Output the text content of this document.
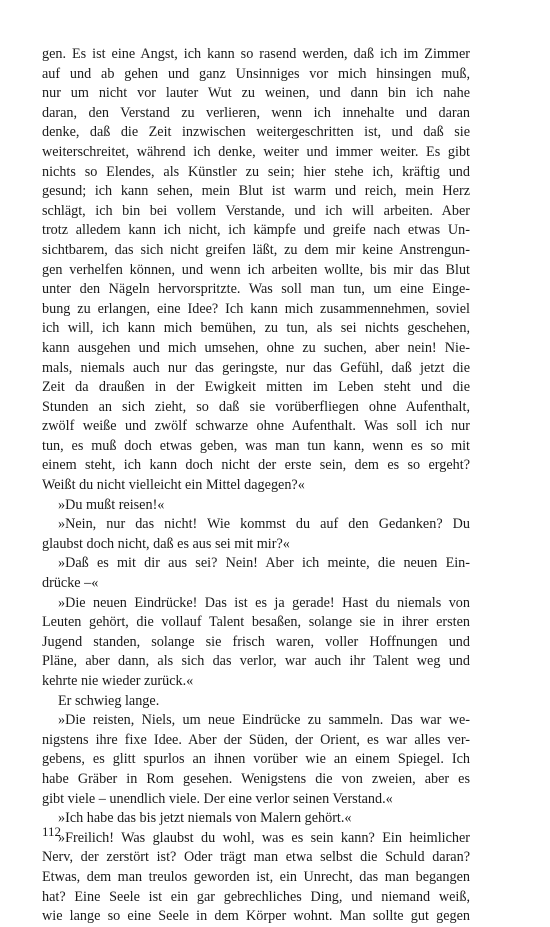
gen. Es ist eine Angst, ich kann so rasend werden, daß ich im Zimmer
auf und ab gehen und ganz Unsinniges vor mich hinsingen muß,
nur um nicht vor lauter Wut zu weinen, und dann bin ich nahe
daran, den Verstand zu verlieren, wenn ich innehalte und daran
denke, daß die Zeit inzwischen weitergeschritten ist, und daß sie
weiterschreitet, während ich denke, weiter und immer weiter. Es gibt
nichts so Elendes, als Künstler zu sein; hier stehe ich, kräftig und
gesund; ich kann sehen, mein Blut ist warm und reich, mein Herz
schlägt, ich bin bei vollem Verstande, und ich will arbeiten. Aber
trotz alledem kann ich nicht, ich kämpfe und greife nach etwas Un-
sichtbarem, das sich nicht greifen läßt, zu dem mir keine Anstrengun-
gen verhelfen können, und wenn ich arbeiten wollte, bis mir das Blut
unter den Nägeln hervorspritzte. Was soll man tun, um eine Einge-
bung zu erlangen, eine Idee? Ich kann mich zusammennehmen, soviel
ich will, ich kann mich bemühen, zu tun, als sei nichts geschehen,
kann ausgehen und mich umsehen, ohne zu suchen, aber nein! Nie-
mals, niemals auch nur das geringste, nur das Gefühl, daß jetzt die
Zeit da draußen in der Ewigkeit mitten im Leben steht und die
Stunden an sich zieht, so daß sie vorüberfliegen ohne Aufenthalt,
zwölf weiße und zwölf schwarze ohne Aufenthalt. Was soll ich nur
tun, es muß doch etwas geben, was man tun kann, wenn es so mit
einem steht, ich kann doch nicht der erste sein, dem es so ergeht?
Weißt du nicht vielleicht ein Mittel dagegen?«
»Du mußt reisen!«
»Nein, nur das nicht! Wie kommst du auf den Gedanken? Du
glaubst doch nicht, daß es aus sei mit mir?«
»Daß es mit dir aus sei? Nein! Aber ich meinte, die neuen Ein-
drücke –«
»Die neuen Eindrücke! Das ist es ja gerade! Hast du niemals von
Leuten gehört, die vollauf Talent besaßen, solange sie in ihrer ersten
Jugend standen, solange sie frisch waren, voller Hoffnungen und
Pläne, aber dann, als sich das verlor, war auch ihr Talent weg und
kehrte nie wieder zurück.«
Er schwieg lange.
»Die reisten, Niels, um neue Eindrücke zu sammeln. Das war we-
nigstens ihre fixe Idee. Aber der Süden, der Orient, es war alles ver-
gebens, es glitt spurlos an ihnen vorüber wie an einem Spiegel. Ich
habe Gräber in Rom gesehen. Wenigstens die von zweien, aber es
gibt viele – unendlich viele. Der eine verlor seinen Verstand.«
»Ich habe das bis jetzt niemals von Malern gehört.«
»Freilich! Was glaubst du wohl, was es sein kann? Ein heimlicher
Nerv, der zerstört ist? Oder trägt man etwa selbst die Schuld daran?
Etwas, dem man treulos geworden ist, ein Unrecht, das man begangen
hat? Eine Seele ist ein gar gebrechliches Ding, und niemand weiß,
wie lange so eine Seele in dem Körper wohnt. Man sollte gut gegen
112
